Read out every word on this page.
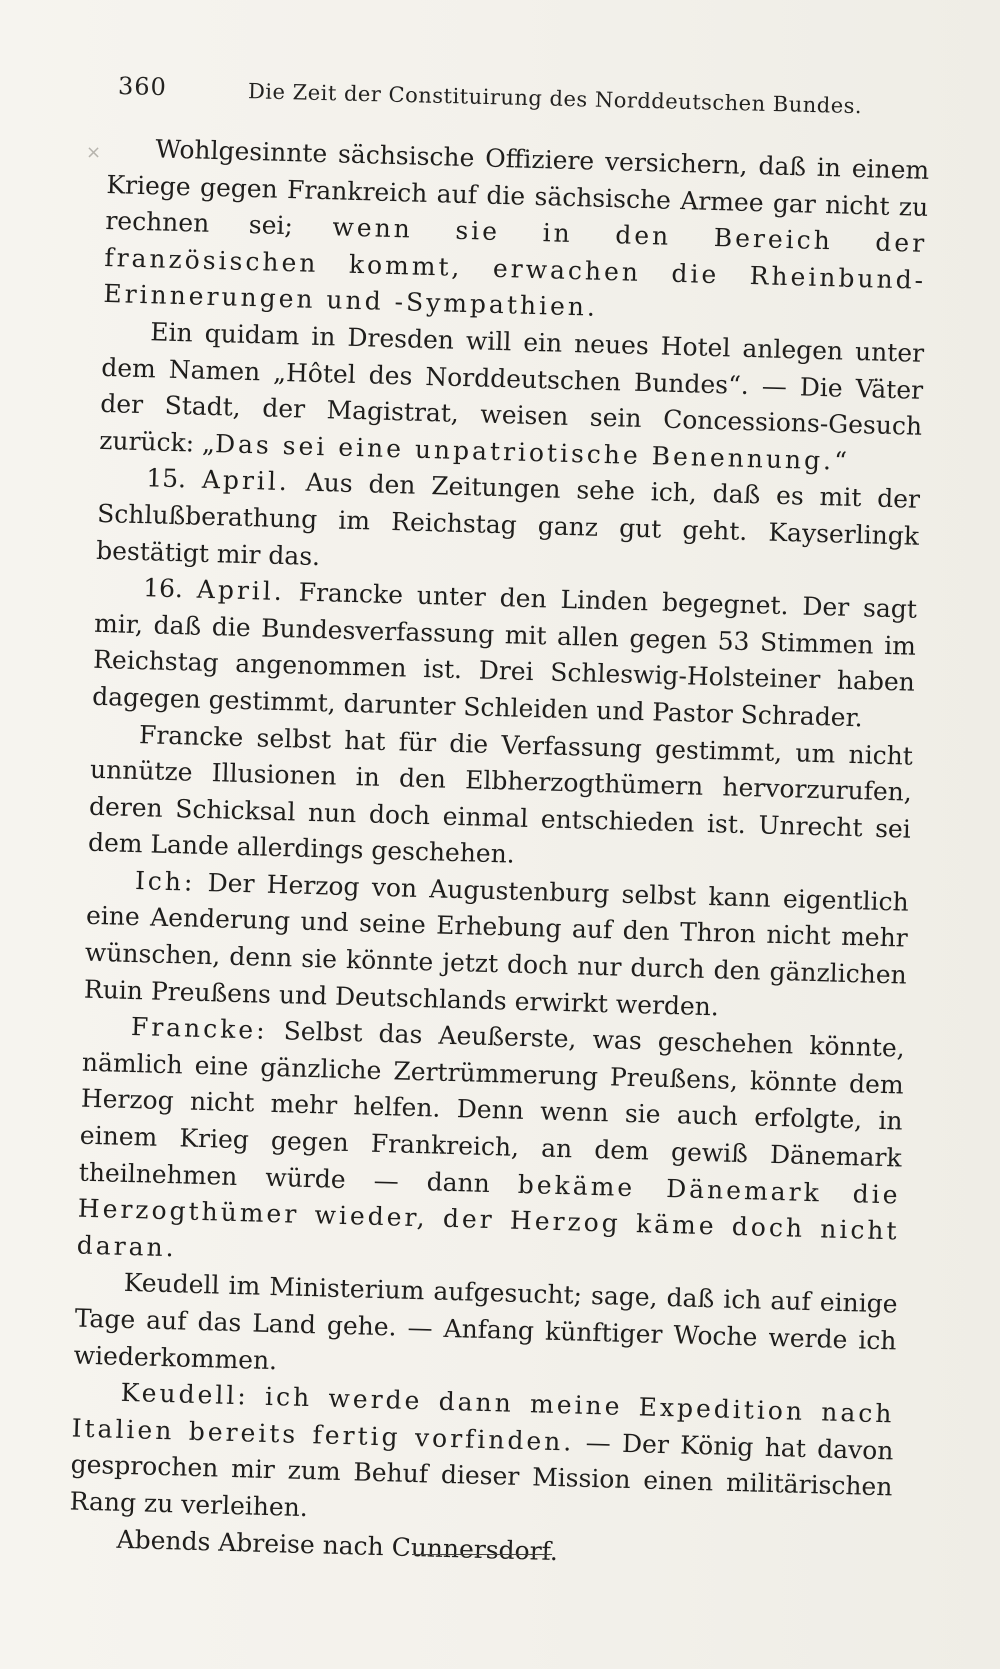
360	Die Zeit der Constituirung des Norddeutschen Bundes.
×	Wohlgesinnte sächsische Offiziere versichern, daß in einem Kriege gegen Frankreich auf die sächsische Armee gar nicht zu rechnen sei; wenn sie in den Bereich der französischen kommt, erwachen die Rheinbund-Erinnerungen und -Sympathien.

Ein quidam in Dresden will ein neues Hotel anlegen unter dem Namen „Hôtel des Norddeutschen Bundes“. — Die Väter der Stadt, der Magistrat, weisen sein Concessions-Gesuch zurück: „Das sei eine unpatriotische Benennung.“

15. April. Aus den Zeitungen sehe ich, daß es mit der Schlußberathung im Reichstag ganz gut geht. Kayserlingk bestätigt mir das.

16. April. Francke unter den Linden begegnet. Der sagt mir, daß die Bundesverfassung mit allen gegen 53 Stimmen im Reichstag angenommen ist. Drei Schleswig-Holsteiner haben dagegen gestimmt, darunter Schleiden und Pastor Schrader.

Francke selbst hat für die Verfassung gestimmt, um nicht unnütze Illusionen in den Elbherzogthümern hervorzurufen, deren Schicksal nun doch einmal entschieden ist. Unrecht sei dem Lande allerdings geschehen.

Ich: Der Herzog von Augustenburg selbst kann eigentlich eine Aenderung und seine Erhebung auf den Thron nicht mehr wünschen, denn sie könnte jetzt doch nur durch den gänzlichen Ruin Preußens und Deutschlands erwirkt werden.

Francke: Selbst das Aeußerste, was geschehen könnte, nämlich eine gänzliche Zertrümmerung Preußens, könnte dem Herzog nicht mehr helfen. Denn wenn sie auch erfolgte, in einem Krieg gegen Frankreich, an dem gewiß Dänemark theilnehmen würde — dann bekäme Dänemark die Herzogthümer wieder, der Herzog käme doch nicht daran.

Keudell im Ministerium aufgesucht; sage, daß ich auf einige Tage auf das Land gehe. — Anfang künftiger Woche werde ich wiederkommen.

Keudell: ich werde dann meine Expedition nach Italien bereits fertig vorfinden. — Der König hat davon gesprochen mir zum Behuf dieser Mission einen militärischen Rang zu verleihen.

Abends Abreise nach Cunnersdorf.
